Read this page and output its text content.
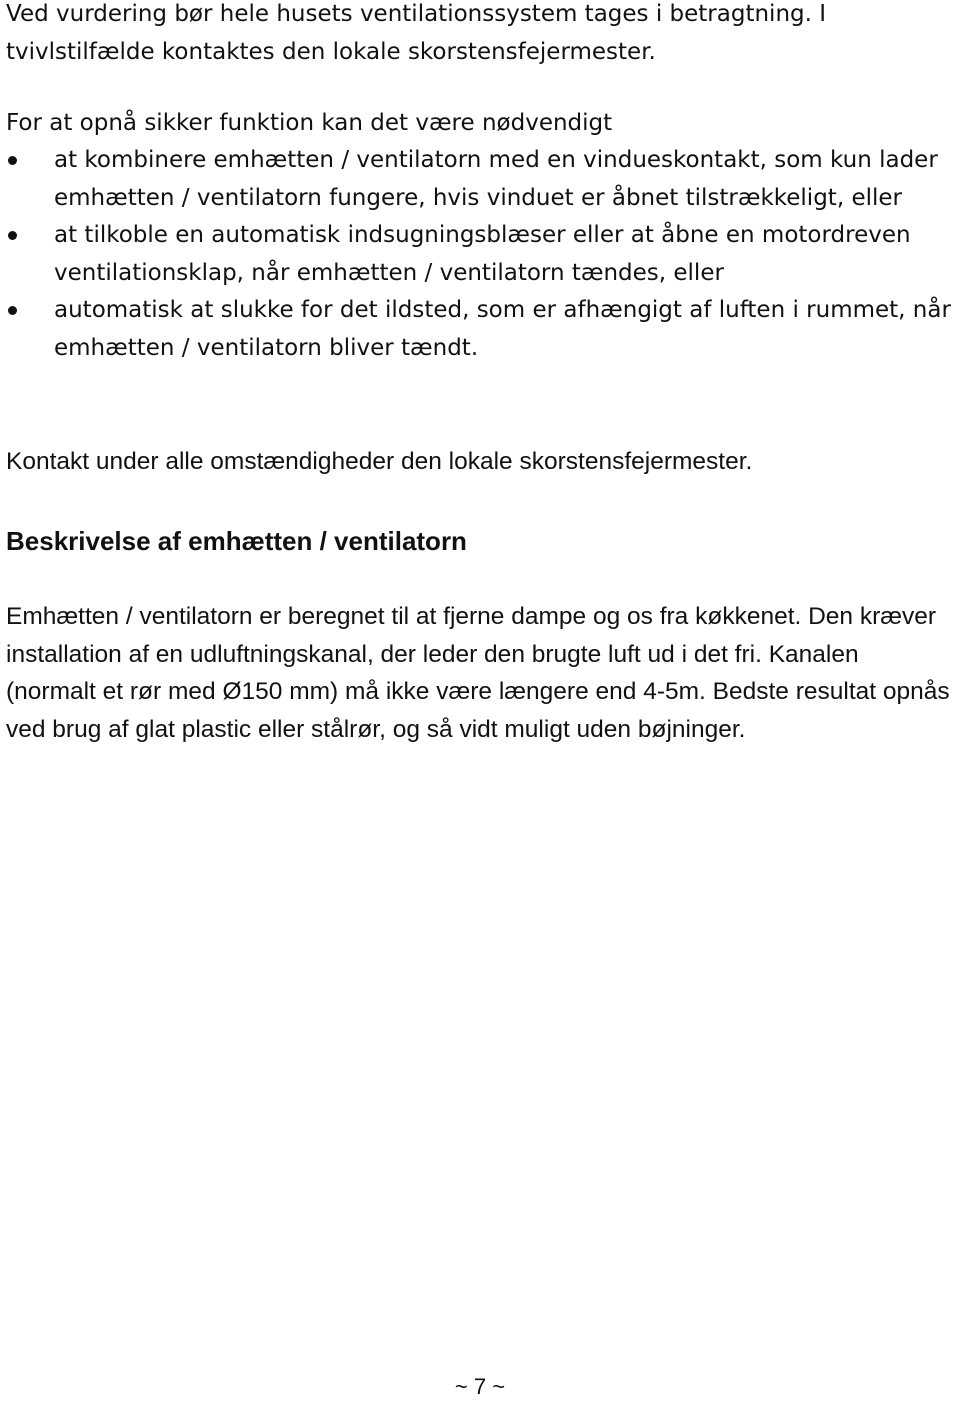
Ved vurdering bør hele husets ventilationssystem tages i betragtning. I tvivlstilfælde kontaktes den lokale skorstensfejermester.

For at opnå sikker funktion kan det være nødvendigt

at kombinere emhætten / ventilatorn med en vindueskontakt, som kun lader emhætten / ventilatorn fungere, hvis vinduet er åbnet tilstrækkeligt, eller
at tilkoble en automatisk indsugningsblæser eller at åbne en motordreven ventilationsklap, når emhætten / ventilatorn tændes, eller
automatisk at slukke for det ildsted, som er afhængigt af luften i rummet, når emhætten / ventilatorn bliver tændt.

Kontakt under alle omstændigheder den lokale skorstensfejermester.

Beskrivelse af emhætten / ventilatorn

Emhætten / ventilatorn er beregnet til at fjerne dampe og os fra køkkenet. Den kræver installation af en udluftningskanal, der leder den brugte luft ud i det fri. Kanalen (normalt et rør med Ø150 mm) må ikke være længere end 4-5m. Bedste resultat opnås ved brug af glat plastic eller stålrør, og så vidt muligt uden bøjninger.

~ 7 ~
